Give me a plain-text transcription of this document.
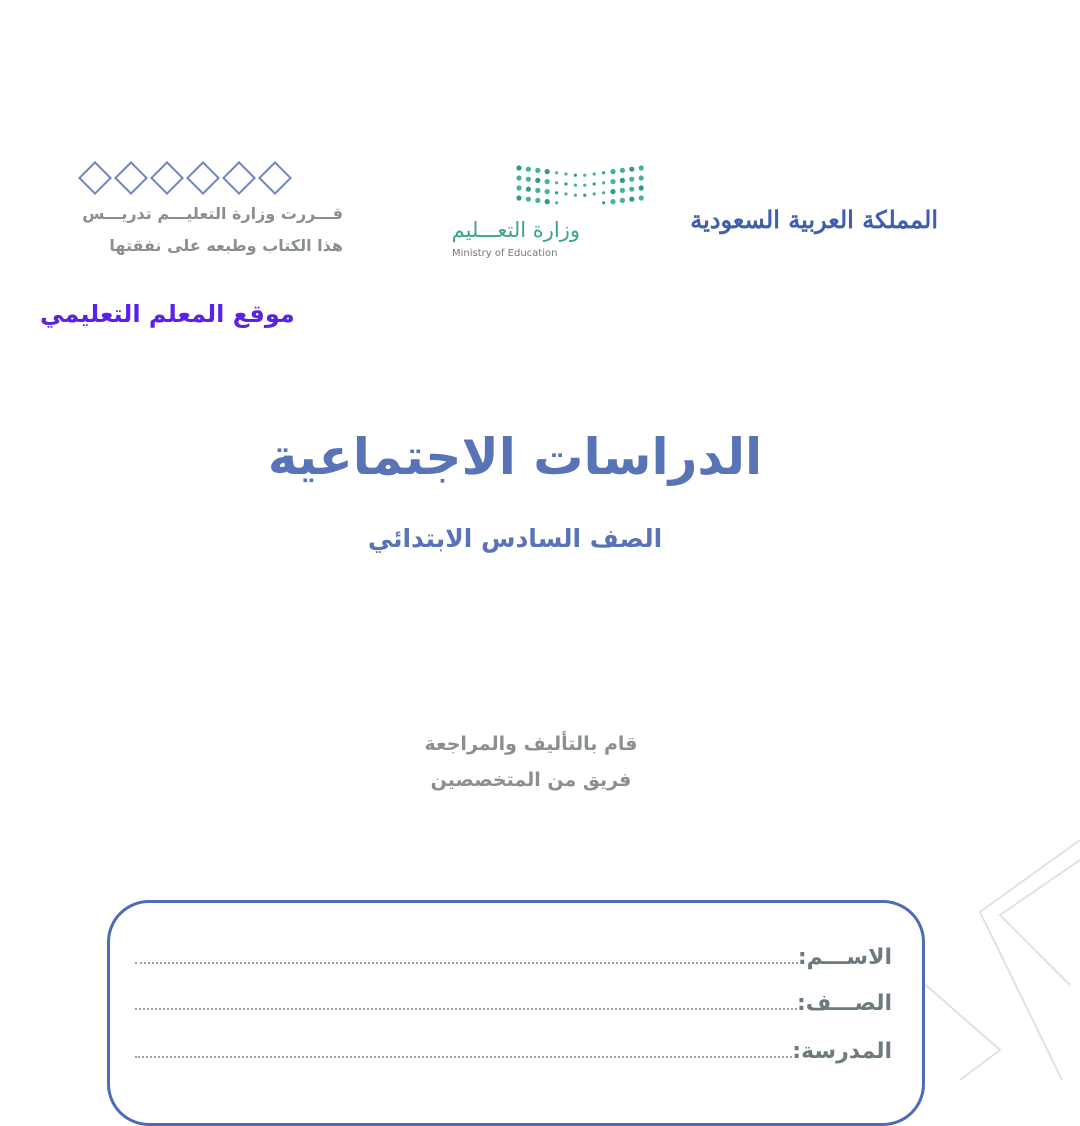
قـــررت وزارة التعليـــم تدريـــس
هذا الكتاب وطبعه على نفقتها
موقع المعلم التعليمي
وزارة التعـــليم
Ministry of Education
المملكة العربية السعودية
الدراسات الاجتماعية
الصف السادس الابتدائي
قام بالتأليف والمراجعة
فريق من المتخصصين
الاســـم:
الصـــف:
المدرسة:
